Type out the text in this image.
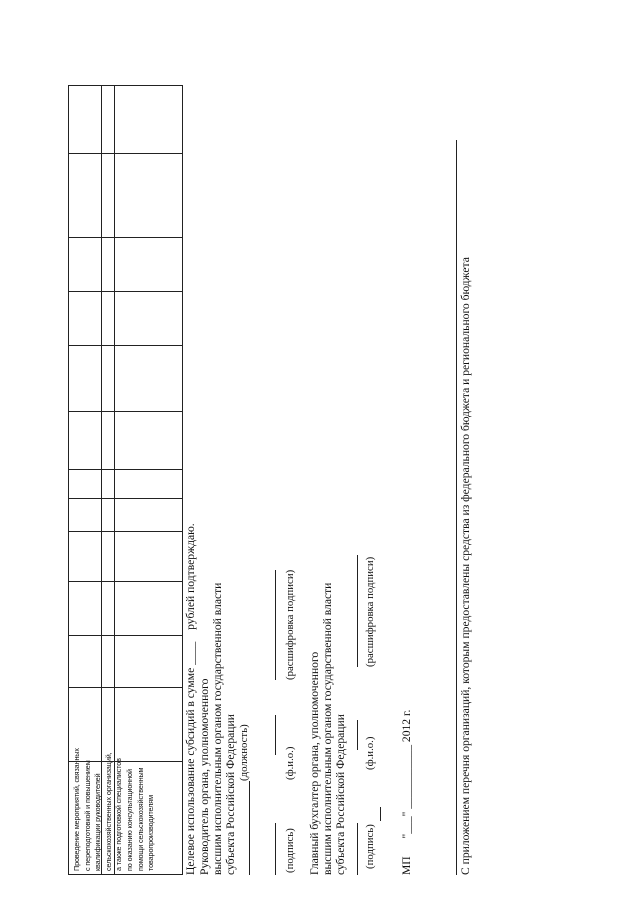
Проведение мероприятий, связанных с переподготовкой и повышением квалификации руководителей сельскохозяйственных организаций, а также подготовкой специалистов по оказанию консультационной помощи сельскохозяйственным товаропроизводителям Целевое использование субсидий в сумме ____  рублей подтверждаю.
Руководитель органа, уполномоченного высшим исполнительным органом государственной власти субъекта Российской Федерации (должность)
(подпись)
(ф.и.о.)
(расшифровка подписи)
Главный бухгалтер органа, уполномоченного высшим исполнительным органом государственной власти субъекта Российской Федерации (подпись)
(ф.и.о.)
(расшифровка подписи)
МП  "___" ___________ 2012 г.	С приложением перечня организаций, которым предоставлены средства из федерального бюджета и регионального бюджета
